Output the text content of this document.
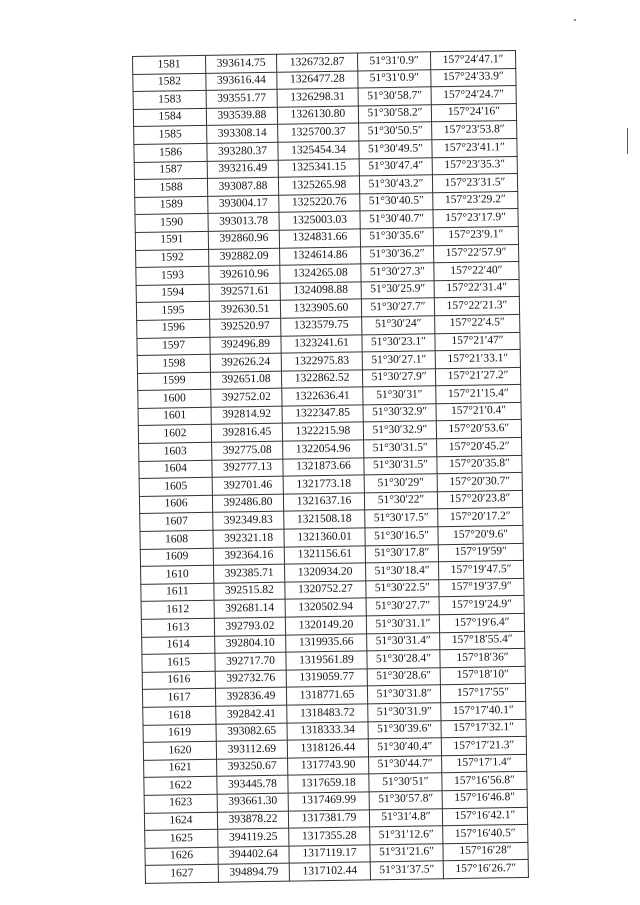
1581	393614.75	1326732.87	51°31′0.9″	157°24′47.1″
1582	393616.44	1326477.28	51°31′0.9″	157°24′33.9″
1583	393551.77	1326298.31	51°30′58.7″	157°24′24.7″
1584	393539.88	1326130.80	51°30′58.2″	157°24′16″
1585	393308.14	1325700.37	51°30′50.5″	157°23′53.8″
1586	393280.37	1325454.34	51°30′49.5″	157°23′41.1″
1587	393216.49	1325341.15	51°30′47.4″	157°23′35.3″
1588	393087.88	1325265.98	51°30′43.2″	157°23′31.5″
1589	393004.17	1325220.76	51°30′40.5″	157°23′29.2″
1590	393013.78	1325003.03	51°30′40.7″	157°23′17.9″
1591	392860.96	1324831.66	51°30′35.6″	157°23′9.1″
1592	392882.09	1324614.86	51°30′36.2″	157°22′57.9″
1593	392610.96	1324265.08	51°30′27.3″	157°22′40″
1594	392571.61	1324098.88	51°30′25.9″	157°22′31.4″
1595	392630.51	1323905.60	51°30′27.7″	157°22′21.3″
1596	392520.97	1323579.75	51°30′24″	157°22′4.5″
1597	392496.89	1323241.61	51°30′23.1″	157°21′47″
1598	392626.24	1322975.83	51°30′27.1″	157°21′33.1″
1599	392651.08	1322862.52	51°30′27.9″	157°21′27.2″
1600	392752.02	1322636.41	51°30′31″	157°21′15.4″
1601	392814.92	1322347.85	51°30′32.9″	157°21′0.4″
1602	392816.45	1322215.98	51°30′32.9″	157°20′53.6″
1603	392775.08	1322054.96	51°30′31.5″	157°20′45.2″
1604	392777.13	1321873.66	51°30′31.5″	157°20′35.8″
1605	392701.46	1321773.18	51°30′29″	157°20′30.7″
1606	392486.80	1321637.16	51°30′22″	157°20′23.8″
1607	392349.83	1321508.18	51°30′17.5″	157°20′17.2″
1608	392321.18	1321360.01	51°30′16.5″	157°20′9.6″
1609	392364.16	1321156.61	51°30′17.8″	157°19′59″
1610	392385.71	1320934.20	51°30′18.4″	157°19′47.5″
1611	392515.82	1320752.27	51°30′22.5″	157°19′37.9″
1612	392681.14	1320502.94	51°30′27.7″	157°19′24.9″
1613	392793.02	1320149.20	51°30′31.1″	157°19′6.4″
1614	392804.10	1319935.66	51°30′31.4″	157°18′55.4″
1615	392717.70	1319561.89	51°30′28.4″	157°18′36″
1616	392732.76	1319059.77	51°30′28.6″	157°18′10″
1617	392836.49	1318771.65	51°30′31.8″	157°17′55″
1618	392842.41	1318483.72	51°30′31.9″	157°17′40.1″
1619	393082.65	1318333.34	51°30′39.6″	157°17′32.1″
1620	393112.69	1318126.44	51°30′40.4″	157°17′21.3″
1621	393250.67	1317743.90	51°30′44.7″	157°17′1.4″
1622	393445.78	1317659.18	51°30′51″	157°16′56.8″
1623	393661.30	1317469.99	51°30′57.8″	157°16′46.8″
1624	393878.22	1317381.79	51°31′4.8″	157°16′42.1″
1625	394119.25	1317355.28	51°31′12.6″	157°16′40.5″
1626	394402.64	1317119.17	51°31′21.6″	157°16′28″
1627	394894.79	1317102.44	51°31′37.5″	157°16′26.7″
